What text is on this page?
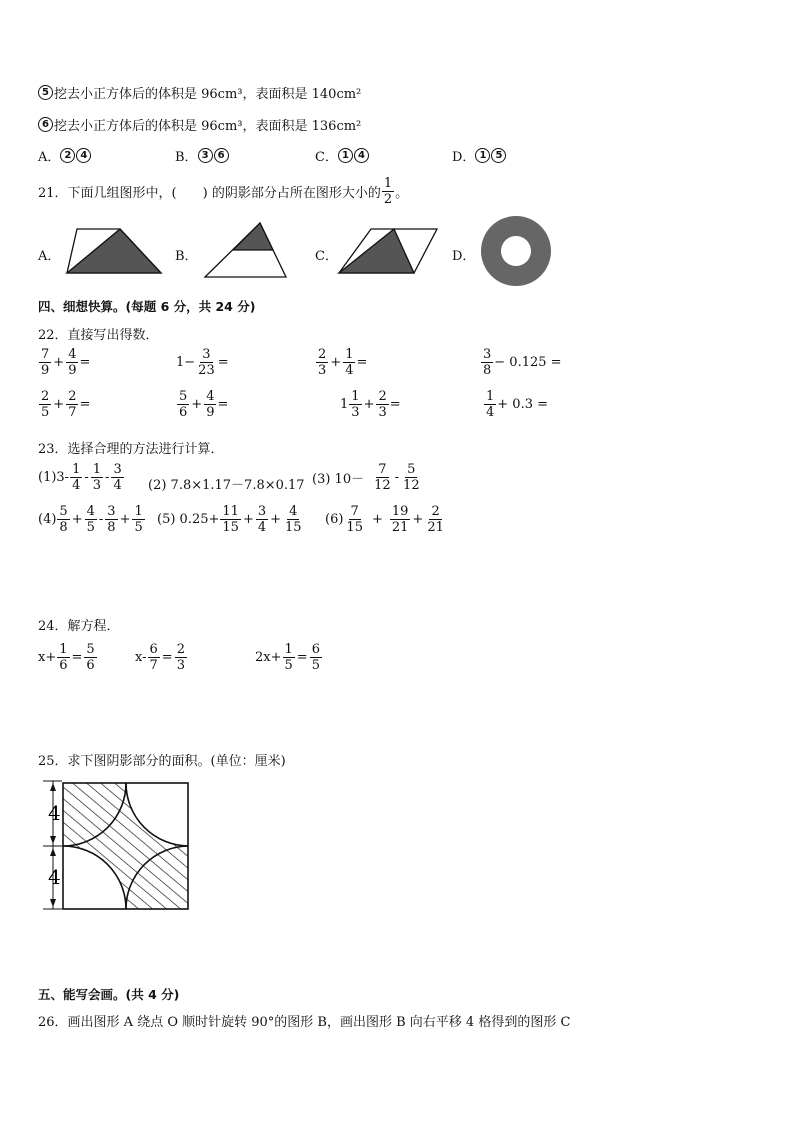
5 挖去小正方体后的体积是 96cm³，表面积是 140cm²
6 挖去小正方体后的体积是 96cm³，表面积是 136cm²
A． 2 4	B． 3 6	C． 1 4	D． 1 5
21．下面几组图形中，(　　) 的阴影部分占所在图形大小的 $\frac{1}{2}$ 。
A．	B．	C．	D．
四、细想快算。(每题 6 分，共 24 分)
22．直接写出得数．
$\frac{7}{9} + \frac{4}{9}$ =	$1- \frac{3}{23}$ =	$\frac{2}{3} + \frac{1}{4}$ =	$\frac{3}{8} - 0.125$ =
$\frac{2}{5} + \frac{2}{7}$ =	$\frac{5}{6} + \frac{4}{9}$ =	$1 \frac{1}{3} + \frac{2}{3}$ =	$\frac{1}{4} + 0.3$ =
23．选择合理的方法进行计算．
$(1)3- \frac{1}{4} - \frac{1}{3} - \frac{3}{4} (2)$ 7.8×1.17－7.8×0.17 (3) $10- \frac{7}{12} - \frac{5}{12}$
$(4) \frac{5}{8} + \frac{4}{5} - \frac{3}{8} + \frac{1}{5} (5)$ $0.25+ \frac{11}{15} + \frac{3}{4} + \frac{4}{15} (6) \frac{7}{15} + \frac{19}{21} + \frac{2}{21}$
24．解方程．
$x+ \frac{1}{6} = \frac{5}{6}$	$x- \frac{6}{7} = \frac{2}{3}$	$2x+ \frac{1}{5} = \frac{6}{5}$
25．求下图阴影部分的面积。(单位：厘米)
4
4
五、能写会画。(共 4 分)
26．画出图形 A 绕点 O 顺时针旋转 90°的图形 B，画出图形 B 向右平移 4 格得到的图形 C
